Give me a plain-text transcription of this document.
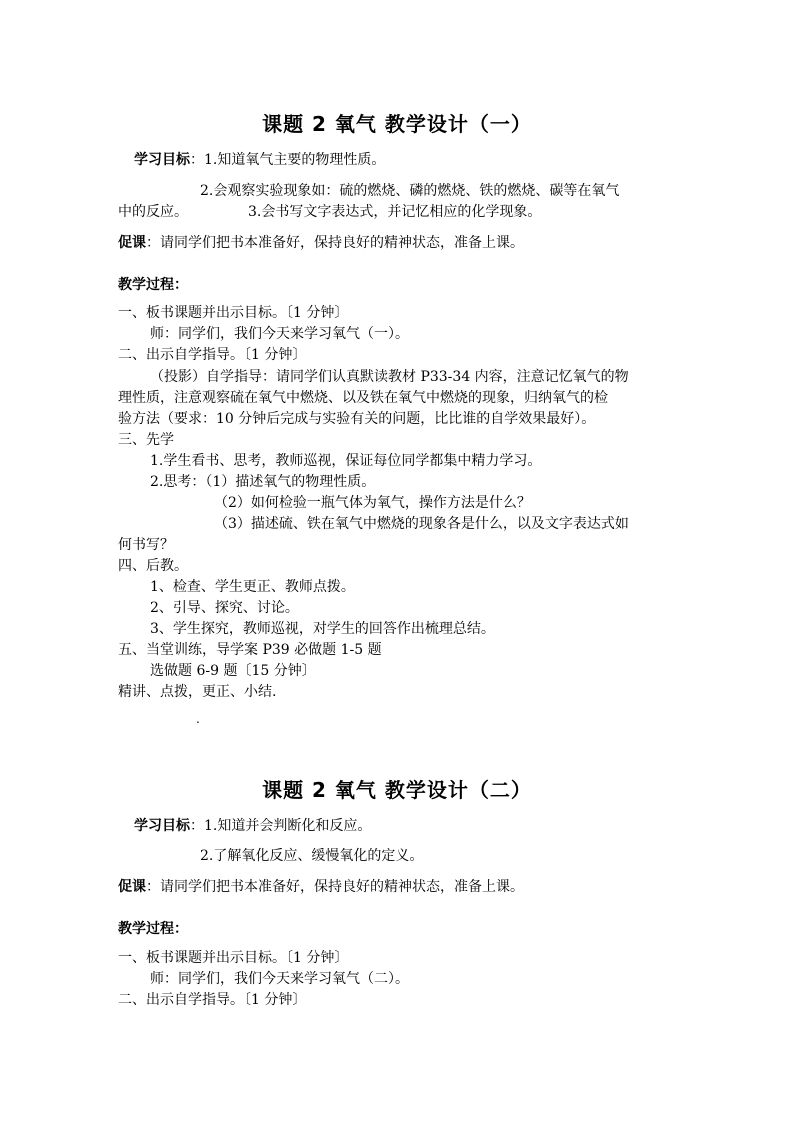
课题 2 氧气 教学设计（一）
学习目标：1.知道氧气主要的物理性质。
2.会观察实验现象如：硫的燃烧、磷的燃烧、铁的燃烧、碳等在氧气
中的反应。	3.会书写文字表达式，并记忆相应的化学现象。
促课：请同学们把书本准备好，保持良好的精神状态，准备上课。
教学过程：
一、板书课题并出示目标。〔1 分钟〕
师：同学们，我们今天来学习氧气（一）。
二、出示自学指导。〔1 分钟〕
（投影）自学指导：请同学们认真默读教材 P33-34 内容，注意记忆氧气的物
理性质，注意观察硫在氧气中燃烧、以及铁在氧气中燃烧的现象，归纳氧气的检
验方法（要求：10 分钟后完成与实验有关的问题，比比谁的自学效果最好）。
三、先学
1.学生看书、思考，教师巡视，保证每位同学都集中精力学习。
2.思考：（1）描述氧气的物理性质。
（2）如何检验一瓶气体为氧气，操作方法是什么？
（3）描述硫、铁在氧气中燃烧的现象各是什么，以及文字表达式如
何书写？
四、后教。
1、检查、学生更正、教师点拨。
2、引导、探究、讨论。
3、学生探究，教师巡视，对学生的回答作出梳理总结。
五、当堂训练，导学案 P39 必做题 1-5 题
选做题 6-9 题〔15 分钟〕
精讲、点拨，更正、小结.
.
课题 2 氧气 教学设计（二）
学习目标：1.知道并会判断化和反应。
2.了解氧化反应、缓慢氧化的定义。
促课：请同学们把书本准备好，保持良好的精神状态，准备上课。
教学过程：
一、板书课题并出示目标。〔1 分钟〕
师：同学们，我们今天来学习氧气（二）。
二、出示自学指导。〔1 分钟〕
